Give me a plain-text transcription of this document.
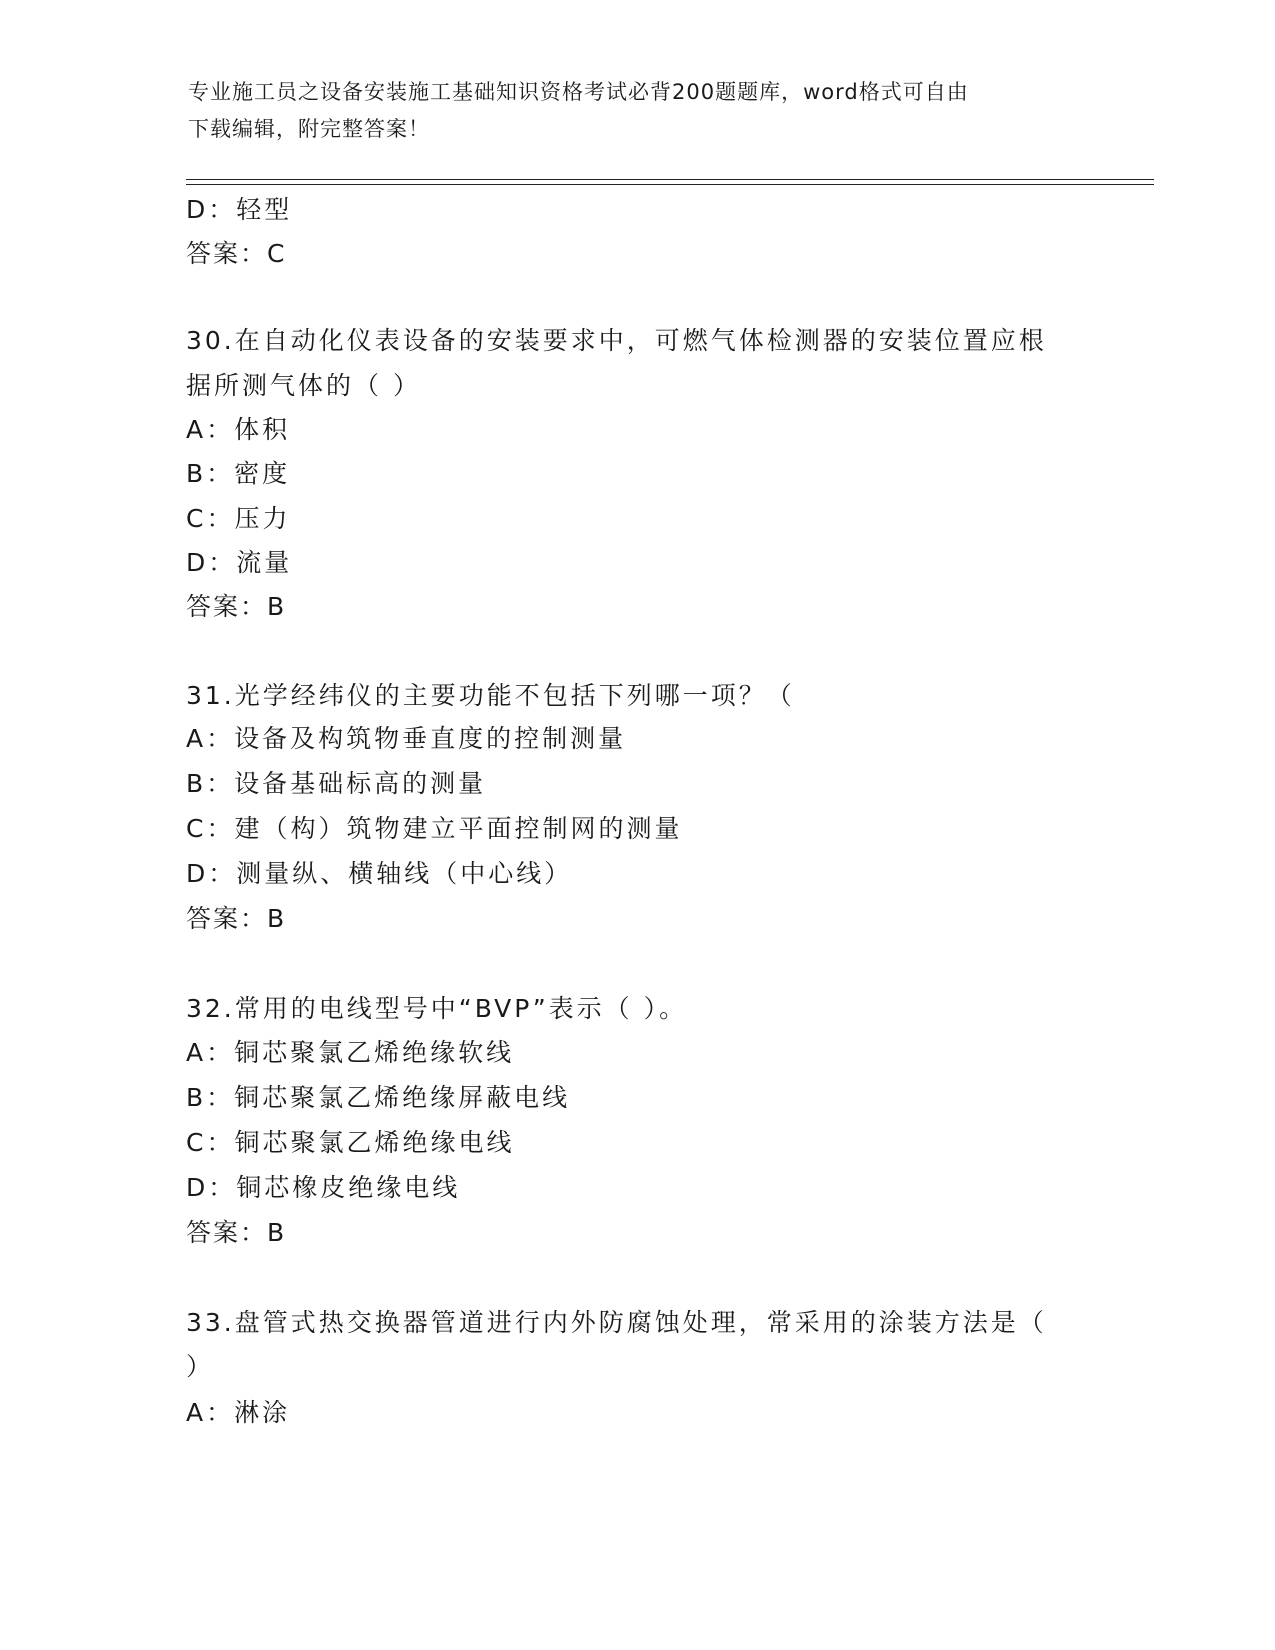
专业施工员之设备安装施工基础知识资格考试必背200题题库，word格式可自由
下载编辑，附完整答案！
D：轻型
答案：C
30.在自动化仪表设备的安装要求中，可燃气体检测器的安装位置应根
据所测气体的（ ）
A：体积
B：密度
C：压力
D：流量
答案：B
31.光学经纬仪的主要功能不包括下列哪一项？（
A：设备及构筑物垂直度的控制测量
B：设备基础标高的测量
C：建（构）筑物建立平面控制网的测量
D：测量纵、横轴线（中心线）
答案：B
32.常用的电线型号中“BVP”表示（ ）。
A：铜芯聚氯乙烯绝缘软线
B：铜芯聚氯乙烯绝缘屏蔽电线
C：铜芯聚氯乙烯绝缘电线
D：铜芯橡皮绝缘电线
答案：B
33.盘管式热交换器管道进行内外防腐蚀处理，常采用的涂装方法是（
）
A：淋涂
